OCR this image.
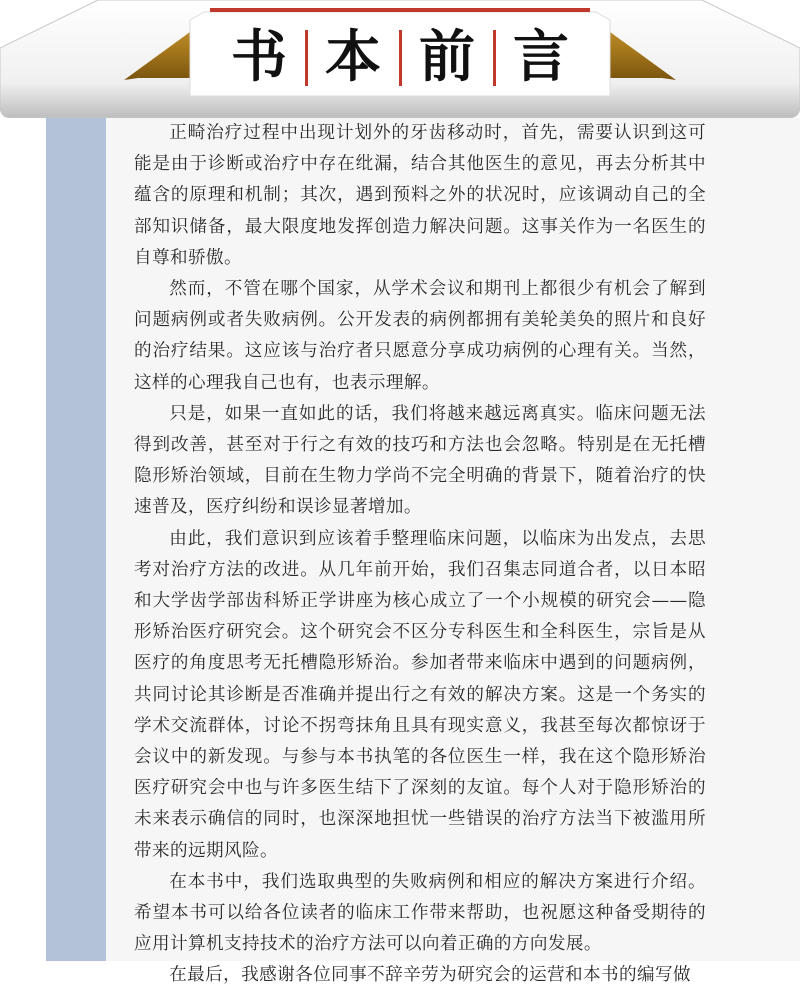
书 本 前 言

正畸治疗过程中出现计划外的牙齿移动时，首先，需要认识到这可能是由于诊断或治疗中存在纰漏，结合其他医生的意见，再去分析其中蕴含的原理和机制；其次，遇到预料之外的状况时，应该调动自己的全部知识储备，最大限度地发挥创造力解决问题。这事关作为一名医生的自尊和骄傲。

然而，不管在哪个国家，从学术会议和期刊上都很少有机会了解到问题病例或者失败病例。公开发表的病例都拥有美轮美奂的照片和良好的治疗结果。这应该与治疗者只愿意分享成功病例的心理有关。当然，这样的心理我自己也有，也表示理解。

只是，如果一直如此的话，我们将越来越远离真实。临床问题无法得到改善，甚至对于行之有效的技巧和方法也会忽略。特别是在无托槽隐形矫治领域，目前在生物力学尚不完全明确的背景下，随着治疗的快速普及，医疗纠纷和误诊显著增加。

由此，我们意识到应该着手整理临床问题，以临床为出发点，去思考对治疗方法的改进。从几年前开始，我们召集志同道合者，以日本昭和大学齿学部齿科矫正学讲座为核心成立了一个小规模的研究会——隐形矫治医疗研究会。这个研究会不区分专科医生和全科医生，宗旨是从医疗的角度思考无托槽隐形矫治。参加者带来临床中遇到的问题病例，共同讨论其诊断是否准确并提出行之有效的解决方案。这是一个务实的学术交流群体，讨论不拐弯抹角且具有现实意义，我甚至每次都惊讶于会议中的新发现。与参与本书执笔的各位医生一样，我在这个隐形矫治医疗研究会中也与许多医生结下了深刻的友谊。每个人对于隐形矫治的未来表示确信的同时，也深深地担忧一些错误的治疗方法当下被滥用所带来的远期风险。

在本书中，我们选取典型的失败病例和相应的解决方案进行介绍。希望本书可以给各位读者的临床工作带来帮助，也祝愿这种备受期待的应用计算机支持技术的治疗方法可以向着正确的方向发展。

在最后，我感谢各位同事不辞辛劳为研究会的运营和本书的编写做
